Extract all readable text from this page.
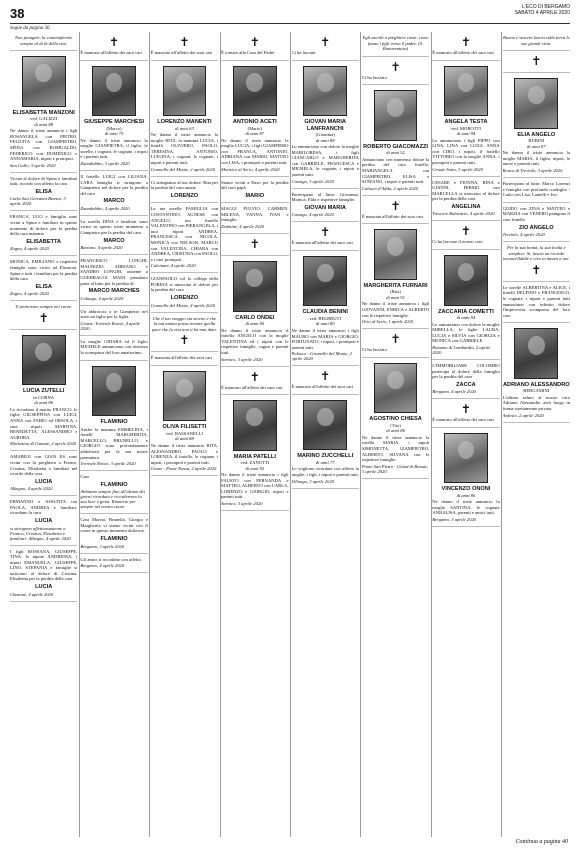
38	L'ECO DI BERGAMO
SABATO 4 APRILE 2020
Segue da pagina 36
Continua a pagina 40
Non piangete, la contemplerete sempre al di là della vita.
ELISABETTA MANZONI
ved. GALIZZI
di anni 88
Ne danno il triste annuncio i figli ROSANGELA con PIETRO, FELICITA con GIAMPIETRO, SPINA con ROMUALDO, FEDERICO con DOMENICO e ANNAMARIA, nipoti e pronipoti.
San Gallo, 3 aprile 2020
Vicina al dolore di Spina e familiari tutti, ricordo con affetto la cara
ELISA
Carla San Giovanni Bianco, 3 aprile 2020
FRANCA, UGO e famiglia sono vicini a Spina e familiari in questo momento di dolore per la perdita della cara mamma
ELISABETTA
Zogno, 4 aprile 2020
MONICA, EMILIANO e rispettive famiglie sono vicini ad Eleonora, Spina e tutti i familiari per la perdita della cara
ELISA
Zogno, 4 aprile 2020
Ti porteremo sempre nel cuore.
✝
LUCIA ZUTELLI
in CORNA
di anni 86
Lo ricordano il marito FRANCO, le figlie GIUSEPPINA con LUIGI, ANNA con FABIO ed ORSOLA, i suoi nipoti MARTINA, BENEDETTA, ALESSANDRO e AURORA.
Morlasino di Usmate, 2 aprile 2020
AMABILE con GIAN ES sono vicini con la preghiera a Franco, Cristina, Elisabetta e familiari nel ricordo della cara
LUCIA
Albegno, 4 aprile 2020
ERMANNO e ASSUNTA con PAOLA, ANDREA e familiari, ricordano la cara
LUCIA
si stringono affettuosamente a Franco, Cristina, Elisabetta e familiari. Albegno, 4 aprile 2020
I figli ROSSANA, GIUSEPPE, TINA, le nipote ANDREINA, i nipoti EMANUELA, GIUSEPPE, LINO, STEFANIA e famiglie si uniscono al dolore di Cristina, Elisabetta per la perdita della cara
LUCIA
Chasone, 4 aprile 2020
✝
È mancato all'affetto dei suoi cari
GIUSEPPE MARCHESI
(Marco)
di anni 75
Ne danno il triste annuncio la moglie GIANPIETRA, il figlio, le sorelle, i cognati, le cognate, i nipoti e i parenti tutti.
Zanndobbio, 3 aprile 2020
Il fratello LUIGI con LILIANA, LARA famiglia si stringono a Gianpietro nel dolore per la perdita del caro
MARCO
Zanndobbio, 4 aprile 2020
La sorella DINA e familiari sono vicini in questo triste momento a Gianpietro per la perdita del caro
MARCO
Bariano, 4 aprile 2020
FRANCESCO LONGHI, MAURIZIO, ADRIANO e SANDRO LONGHI, assieme a GUERRAGGI MADI prendono parte al lutto per la perdita di
MARCO MARCHES
Colnago, 4 aprile 2020
Un abbraccio a te Gianpietro nel stato un figlio per la figlia.
Grazie. Torreale Rowei, 4 aprile 2020
La moglie CHIARA ed il figlio MICHELE annunciano con tristezza la scomparsa del loro amatissimo
FLAMINIO
Anche la mamma EMMELINA, i fratelli MARGHERITA, MARCELLO, BRUNELLO, e GIORGIO sono profondamente addolorati per la sua morte prematura.
Torreale Rowei, 3 aprile 2020
Caro
FLAMINIO
Abbiamo sempre fino all'ultimo dei giorni ricordato e ricorderemo la sua luce e gioia. Rimarrai per sempre nel nostro cuore.
Cara Marzia, Brunella, Giorgio e Margherita vi siamo vicini con il cuore in questo momento doloroso.
FLAMINIO
Bergamo, 3 aprile 2020
Gli amici ti ricordano con affetto.
Bergamo, 4 aprile 2020
✝
È mancato all'affetto dei suoi cari
LORENZO MANENTI
di anni 63
Ne danno il triste annuncio la moglie RITA, la mamma LUCIA, i fratelli OLIVIERO, PAOLO, TERESINA, ANTONIO, LUIGINA, i cognati, le cognate, i nipoti e parenti tutti.
Grumello del Monte, 2 aprile 2020
Ci stringiamo al tuo dolore. Rita per la perdita del caro amato
LORENZO
Le tue sorelle FAMIGLIA con COSTANTINO, AGNESE con ANGELO, tuo fratello VALENTINO con PIERANGELA, i tuoi nipoti ANDREA, FRANCESCA con NICOLA, MONICA con NELSON, MARCO con VALENTINA, CHIARA con ANDREA, CRISTINA con PAOLO, e i tuoi pronipoti.
Calcinate, 4 aprile 2020
GIANPAOLO col la collega della FORINA si uniscono al dolore per la perdita del caro
LORENZO
Grumello del Monte, 4 aprile 2020
Che il tuo viaggio sia sereno e che la tua anima possa trovare quella pace che la vita non ti ha mai dato.
✝
È mancata all'affetto dei suoi cari
OLIVA FILISETTI
ved. BASSANELLI
di anni 88
Ne danno il triste annuncio RITA, ALESSANDRO, PAOLO e LORENZA, il fratello, le cognate, i nipoti, i pronipoti e parenti tutti.
Grone - Ponte Nossa, 2 aprile 2020
✝
È tornato alla Casa del Padre
ANTONIO ACETI
(Mario)
di anni 87
Ne danno il triste annuncio la moglie LUCIA, i figli GIAMPIERO con FRANCA, ANTONIO, ADRIANA con MARIO, MATTEO con LISA, i pronipoti e parenti tutti.
Mornico al Serio, 4 aprile 2020
Siamo vicini a Enzo per la perdita del caro papà
MARIO
MAGGI FULVIO, CARMEN, MILENA, VANNA, IVAN e famiglie.
Dalmine, 4 aprile 2020
✝
CARLO ONDEI
di anni 80
Ne danno il triste annuncio il fratello ANGELO con la moglie VALENTINA ed i nipoti con le rispettive famiglie, cugini e parenti tutti.
Sarnico, 3 aprile 2020
✝
È mancato all'affetto dei suoi cari
MARIA PATELLI
ved. ZANOTTI
di anni 92
Ne danno il triste annuncio i figli FAUSTO con FERNANDA e MATTEO, ALBERTO con CARLA, LORENZO e GIORGIO, nipoti e parenti tutti.
Sarnico, 3 aprile 2020
✝
Ci ha lasciati
GIOVAN MARIA LANFRANCHI
(Giomma)
di anni 88
Lo annunciano con dolore la moglie MARILORESA, i figli GIANCARLO e MARGHERITA con GABRIELE, FRANCESCA e MICHELA, le cognate, i nipoti e parenti tutti.
Casnigo, 3 aprile 2020
Partecipano al lutto: Giovanna, Monica, Elda e rispettive famiglie.
GIOVAN MARIA
Casnigo, 4 aprile 2020
✝
È mancata all'affetto dei suoi cari
CLAUDIA BENINI
ved. BELBRUTI
di anni 80
Ne danno il triste annuncio i figli MAURO con MARIA e GIORGIO, FORTUNATO, i nipoti, i pronipoti e parenti tutti.
Palosco - Grumello del Monte, 2 aprile 2020
✝
È mancato all'affetto dei suoi cari
MARINO ZUCCHELLI
di anni 77
Lo vogliono ricordare con affetto la moglie, i figli, i nipoti e parenti tutti.
Villongo, 3 aprile 2020
Egli ascolti a preghiere come, come fanno i figli verso il padre. (S. Bonaventura)
✝
Ci ha lasciato
ROBERTO GIACOMAZZI
di anni 52
Annunciano con immenso dolore la perdita del caro fratello, MARIANGELA con GIAMPIETRO, ELISA e STEFANO, i nipoti e parenti tutti.
Calusco d'Adda, 2 aprile 2020
✝
È mancata all'affetto dei suoi cari
MARGHERITA FURNARI
(Rita)
di anni 91
Ne danno il triste annuncio i figli GIOVANNI, ENRICA e ALBERTO con le rispettive famiglie.
Orio al Serio, 1 aprile 2020
✝
Ci ha lasciato
AGOSTINO CHIESA
(Tito)
di anni 86
Ne danno il triste annuncio la sorella MARIA, i nipoti SIMONETTA, GIAMPIETRO, ALBERTO, SILVANA con le rispettive famiglie.
Ponte San Pietro - Gland di Bonate, 3 aprile 2020
✝
È mancato all'affetto dei suoi cari
ANGELA TESTA
ved. MOROTTI
di anni 94
Lo annunciano i figli PIPPO con LINA, LINA con LUIGI, ANNA con CIRO, i nipoti, il fratello VITTORIO con la moglie ANNA, i pronipoti e parenti tutti.
Cenate Sotto, 3 aprile 2020
CESARE e FIONNA, RINA e GIANNI, FERMO con MARCELLA si uniscono al dolore per la perdita della cara
ANGELINA
Trescore Balneario, 4 aprile 2020
✝
Ci ha lasciato il nostro caro
ZACCARIA COMETTI
di anni 94
Lo annunciano con dolore la moglie MIRELLA, le figlie LAURA, LUCIA e SILVIA con GIORGIA e MONICA con GABRIELE.
Romano di Lombardia, 2 aprile 2020
L'IMMOBILIARE COLOMBO partecipa al dolore della famiglia per la perdita del caro
ZACCA
Bergamo, 4 aprile 2020
✝
È mancato all'affetto dei suoi cari
VINCENZO ONONI
di anni 86
Ne danno il triste annuncio la moglie SANTINA, le cognate ANNALISA, parenti e amici tutti.
Bergamo, 3 aprile 2020
Buono e sincero lascia sulla terra le sue grandi virtù.
✝
ELIA ANGELO
RUBINI
di anni 87
Ne danno il triste annuncio la moglie MARIA, il figlio, nipoti, le nuore e parenti tutti.
Ronco di Treviolo, 3 aprile 2020
Partecipano al lutto: Marco Lorenzi e famiglia con profondo cordoglio - Carlo con Lisa, Lanielli e Ivo.
GUIDO con ZINA e MATTEO e MARZIA con VENERO piangono il caro fratello
ZIO ANGELO
Treviolo, 4 aprile 2020
Per la sua bontà, la sua lealtà è semplice. Si, lascia un ricordo incancellabile e vivo in mezzo a noi.
✝
Le sorelle ALBERTINA e ALICE, i fratelli DELFINO e FRANCESCO, le cognate, i nipoti e parenti tutti annunciano con infinito dolore l'improvvisa scomparsa del loro caro
ADRIANO ALESSANDRO
BERGAMINI
L'ultimo saluto al nostro caro Adriano Alessandro avrà luogo in forma strettamente privata.
Ardesio, 2 aprile 2020
